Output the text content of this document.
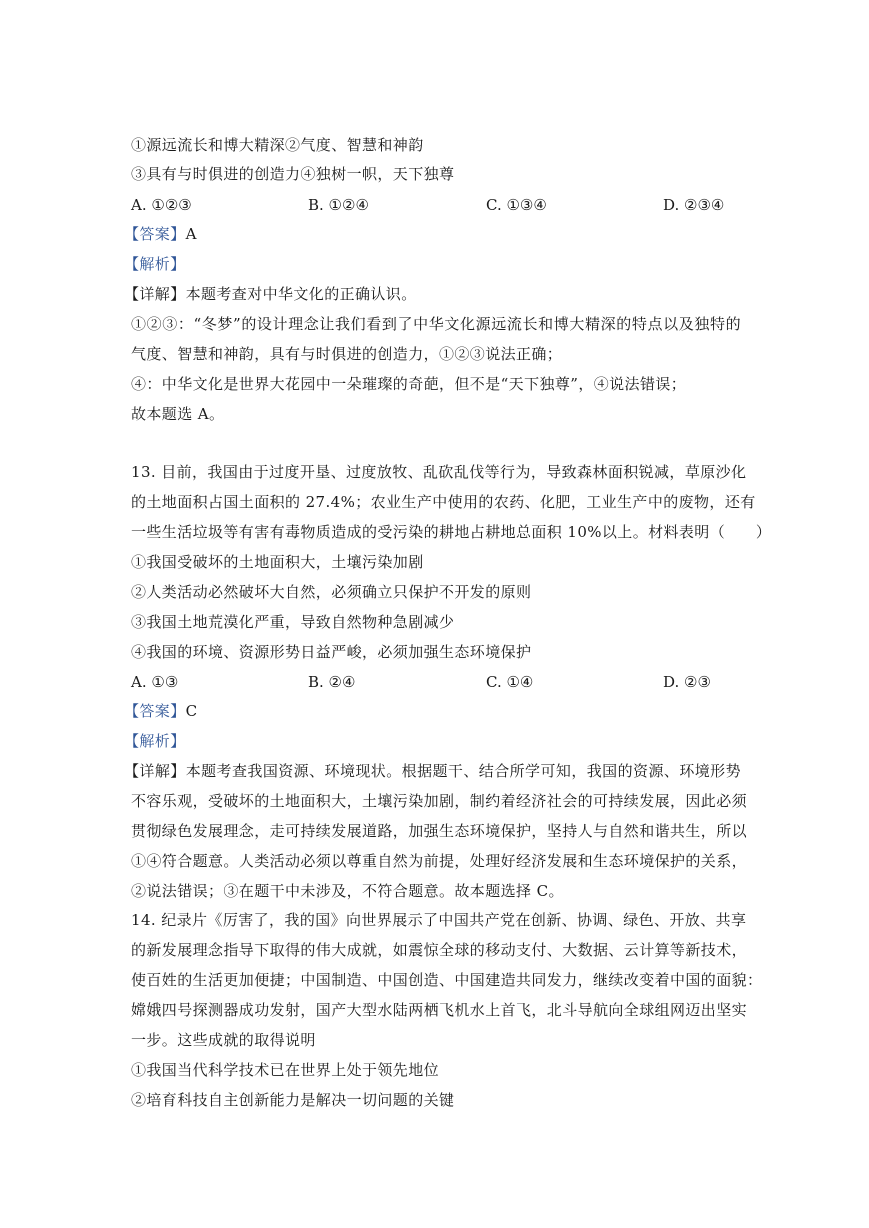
①源远流长和博大精深②气度、智慧和神韵
③具有与时俱进的创造力④独树一帜，天下独尊
A. ①②③	B. ①②④	C. ①③④	D. ②③④
【答案】A
【解析】
【详解】本题考查对中华文化的正确认识。
①②③：“冬梦”的设计理念让我们看到了中华文化源远流长和博大精深的特点以及独特的
气度、智慧和神韵，具有与时俱进的创造力，①②③说法正确；
④：中华文化是世界大花园中一朵璀璨的奇葩，但不是“天下独尊”，④说法错误；
故本题选 A。
13. 目前，我国由于过度开垦、过度放牧、乱砍乱伐等行为，导致森林面积锐减，草原沙化
的土地面积占国土面积的 27.4%；农业生产中使用的农药、化肥，工业生产中的废物，还有
一些生活垃圾等有害有毒物质造成的受污染的耕地占耕地总面积 10%以上。材料表明（　　）
①我国受破坏的土地面积大，土壤污染加剧
②人类活动必然破坏大自然，必须确立只保护不开发的原则
③我国土地荒漠化严重，导致自然物种急剧减少
④我国的环境、资源形势日益严峻，必须加强生态环境保护
A. ①③	B. ②④	C. ①④	D. ②③
【答案】C
【解析】
【详解】本题考查我国资源、环境现状。根据题干、结合所学可知，我国的资源、环境形势
不容乐观，受破坏的土地面积大，土壤污染加剧，制约着经济社会的可持续发展，因此必须
贯彻绿色发展理念，走可持续发展道路，加强生态环境保护，坚持人与自然和谐共生，所以
①④符合题意。人类活动必须以尊重自然为前提，处理好经济发展和生态环境保护的关系，
②说法错误；③在题干中未涉及，不符合题意。故本题选择 C。
14. 纪录片《厉害了，我的国》向世界展示了中国共产党在创新、协调、绿色、开放、共享
的新发展理念指导下取得的伟大成就，如震惊全球的移动支付、大数据、云计算等新技术，
使百姓的生活更加便捷；中国制造、中国创造、中国建造共同发力，继续改变着中国的面貌：
嫦娥四号探测器成功发射，国产大型水陆两栖飞机水上首飞，北斗导航向全球组网迈出坚实
一步。这些成就的取得说明
①我国当代科学技术已在世界上处于领先地位
②培育科技自主创新能力是解决一切问题的关键
